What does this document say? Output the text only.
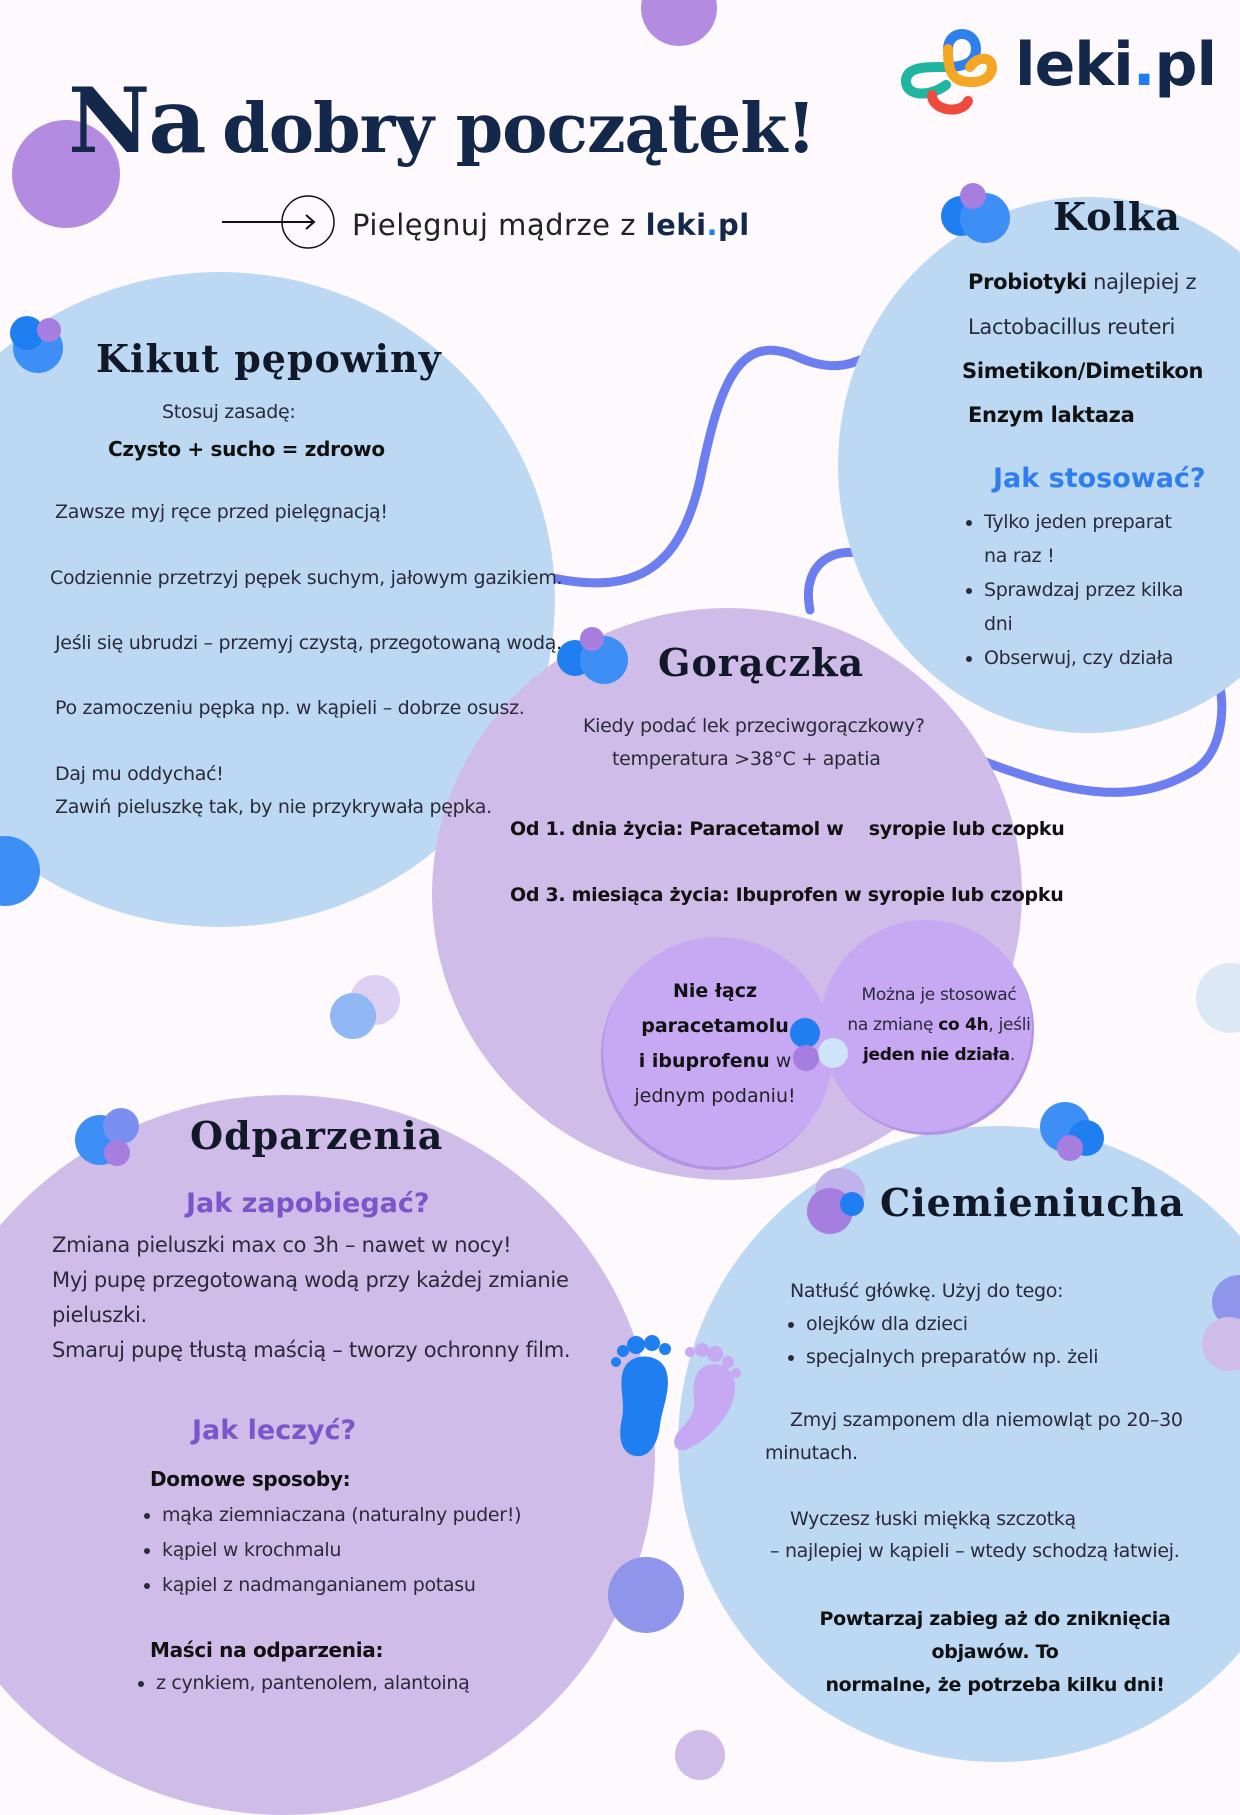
leki.pl
Na dobry początek!
Pielęgnuj mądrze z leki.pl
Kikut pępowiny
Stosuj zasadę:
Czysto + sucho = zdrowo
Zawsze myj ręce przed pielęgnacją!
Codziennie przetrzyj pępek suchym, jałowym gazikiem.
Jeśli się ubrudzi – przemyj czystą, przegotowaną wodą.
Po zamoczeniu pępka np. w kąpieli – dobrze osusz.
Daj mu oddychać!
Zawiń pieluszkę tak, by nie przykrywała pępka.
Kolka
Probiotyki najlepiej z
Lactobacillus reuteri
Simetikon/Dimetikon
Enzym laktaza
Jak stosować?
• Tylko jeden preparat
na raz !
• Sprawdzaj przez kilka
dni
• Obserwuj, czy działa
Gorączka
Kiedy podać lek przeciwgorączkowy?
temperatura >38°C + apatia
Od 1. dnia życia: Paracetamol w    syropie lub czopku
Od 3. miesiąca życia: Ibuprofen w syropie lub czopku
Nie łącz
paracetamolu
i ibuprofenu w
jednym podaniu!
Można je stosować
na zmianę co 4h, jeśli
jeden nie działa.
Odparzenia
Jak zapobiegać?
Zmiana pieluszki max co 3h – nawet w nocy!
Myj pupę przegotowaną wodą przy każdej zmianie
pieluszki.
Smaruj pupę tłustą maścią – tworzy ochronny film.
Jak leczyć?
Domowe sposoby:
• mąka ziemniaczana (naturalny puder!)
• kąpiel w krochmalu
• kąpiel z nadmanganianem potasu
Maści na odparzenia:
• z cynkiem, pantenolem, alantoiną
Ciemieniucha
Natłuść główkę. Użyj do tego:
• olejków dla dzieci
• specjalnych preparatów np. żeli
Zmyj szamponem dla niemowląt po 20–30
minutach.
Wyczesz łuski miękką szczotką
– najlepiej w kąpieli – wtedy schodzą łatwiej.
Powtarzaj zabieg aż do zniknięcia objawów. To
normalne, że potrzeba kilku dni!
